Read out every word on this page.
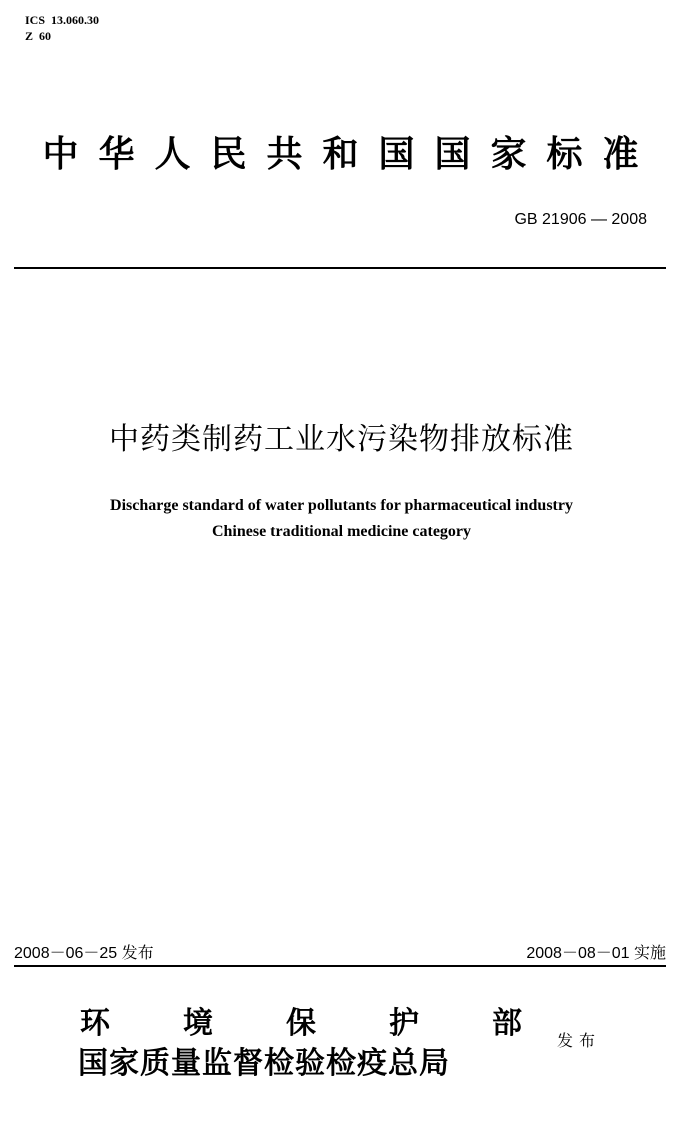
ICS  13.060.30
Z  60
中华人民共和国国家标准
GB 21906 — 2008
中药类制药工业水污染物排放标准
Discharge standard of water pollutants for pharmaceutical industry
Chinese traditional medicine category
2008－06－25 发布	2008－08－01 实施
环 境 保 护 部
国家质量监督检验检疫总局
发布
